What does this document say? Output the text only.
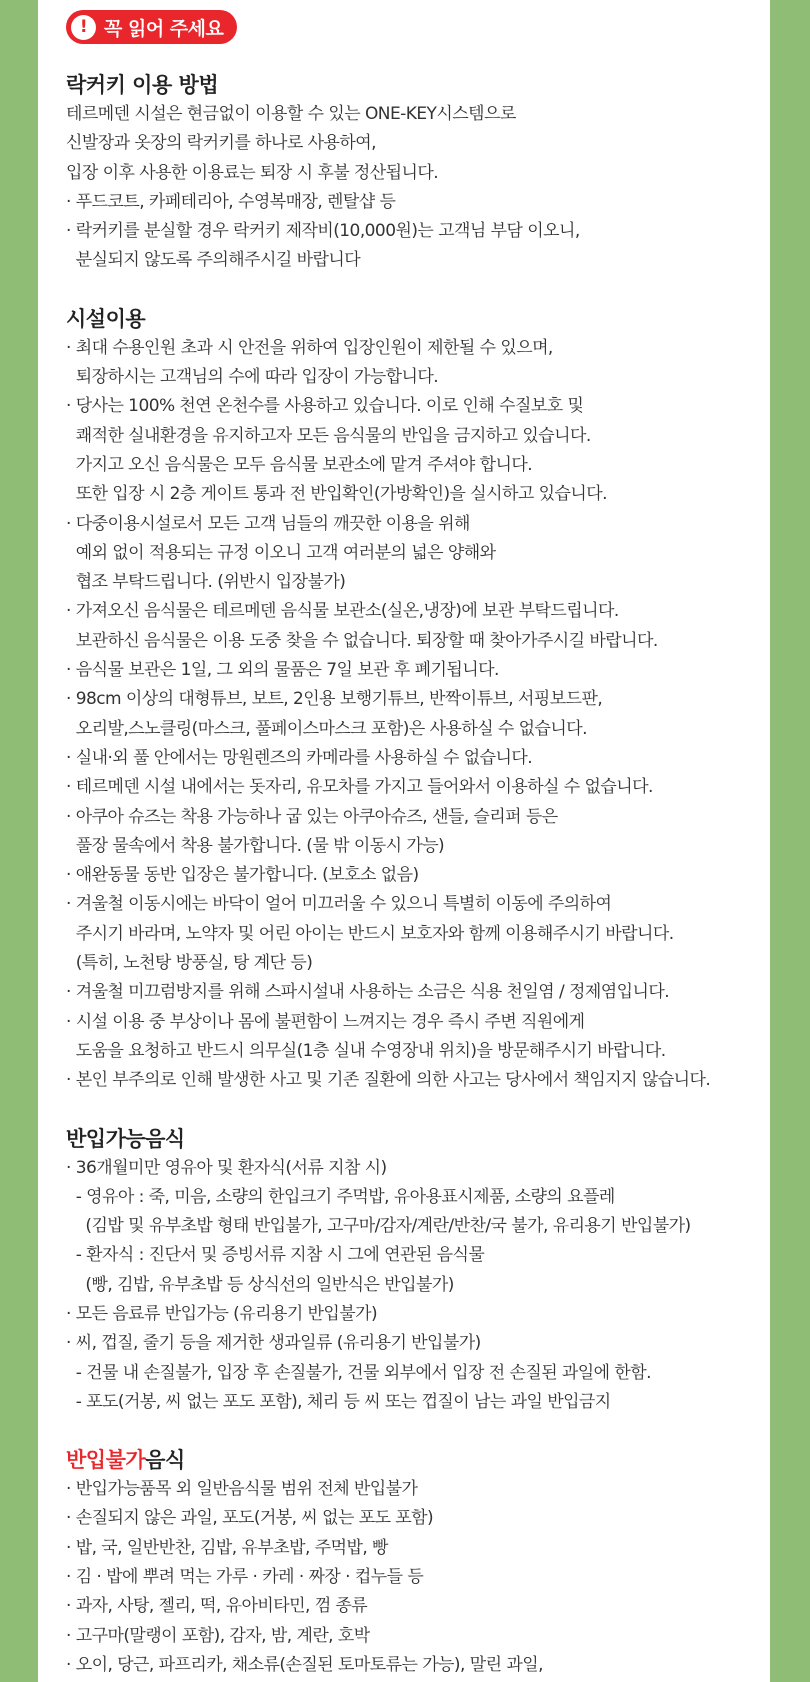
! 꼭 읽어 주세요
락커키 이용 방법
테르메덴 시설은 현금없이 이용할 수 있는 ONE-KEY시스템으로
신발장과 옷장의 락커키를 하나로 사용하여,
입장 이후 사용한 이용료는 퇴장 시 후불 정산됩니다.
· 푸드코트, 카페테리아, 수영복매장, 렌탈샵 등
· 락커키를 분실할 경우 락커키 제작비(10,000원)는 고객님 부담 이오니,
분실되지 않도록 주의해주시길 바랍니다
시설이용
· 최대 수용인원 초과 시 안전을 위하여 입장인원이 제한될 수 있으며,
퇴장하시는 고객님의 수에 따라 입장이 가능합니다.
· 당사는 100% 천연 온천수를 사용하고 있습니다. 이로 인해 수질보호 및
쾌적한 실내환경을 유지하고자 모든 음식물의 반입을 금지하고 있습니다.
가지고 오신 음식물은 모두 음식물 보관소에 맡겨 주셔야 합니다.
또한 입장 시 2층 게이트 통과 전 반입확인(가방확인)을 실시하고 있습니다.
· 다중이용시설로서 모든 고객 님들의 깨끗한 이용을 위해
예외 없이 적용되는 규정 이오니 고객 여러분의 넓은 양해와
협조 부탁드립니다. (위반시 입장불가)
· 가져오신 음식물은 테르메덴 음식물 보관소(실온,냉장)에 보관 부탁드립니다.
보관하신 음식물은 이용 도중 찾을 수 없습니다. 퇴장할 때 찾아가주시길 바랍니다.
· 음식물 보관은 1일, 그 외의 물품은 7일 보관 후 폐기됩니다.
· 98cm 이상의 대형튜브, 보트, 2인용 보행기튜브, 반짝이튜브, 서핑보드판,
오리발,스노클링(마스크, 풀페이스마스크 포함)은 사용하실 수 없습니다.
· 실내·외 풀 안에서는 망원렌즈의 카메라를 사용하실 수 없습니다.
· 테르메덴 시설 내에서는 돗자리, 유모차를 가지고 들어와서 이용하실 수 없습니다.
· 아쿠아 슈즈는 착용 가능하나 굽 있는 아쿠아슈즈, 샌들, 슬리퍼 등은
풀장 물속에서 착용 불가합니다. (물 밖 이동시 가능)
· 애완동물 동반 입장은 불가합니다. (보호소 없음)
· 겨울철 이동시에는 바닥이 얼어 미끄러울 수 있으니 특별히 이동에 주의하여
주시기 바라며, 노약자 및 어린 아이는 반드시 보호자와 함께 이용해주시기 바랍니다.
(특히, 노천탕 방풍실, 탕 계단 등)
· 겨울철 미끄럼방지를 위해 스파시설내 사용하는 소금은 식용 천일염 / 정제염입니다.
· 시설 이용 중 부상이나 몸에 불편함이 느껴지는 경우 즉시 주변 직원에게
도움을 요청하고 반드시 의무실(1층 실내 수영장내 위치)을 방문해주시기 바랍니다.
· 본인 부주의로 인해 발생한 사고 및 기존 질환에 의한 사고는 당사에서 책임지지 않습니다.
반입가능음식
· 36개월미만 영유아 및 환자식(서류 지참 시)
- 영유아 : 죽, 미음, 소량의 한입크기 주먹밥, 유아용표시제품, 소량의 요플레
(김밥 및 유부초밥 형태 반입불가, 고구마/감자/계란/반찬/국 불가, 유리용기 반입불가)
- 환자식 : 진단서 및 증빙서류 지참 시 그에 연관된 음식물
(빵, 김밥, 유부초밥 등 상식선의 일반식은 반입불가)
· 모든 음료류 반입가능 (유리용기 반입불가)
· 씨, 껍질, 줄기 등을 제거한 생과일류 (유리용기 반입불가)
- 건물 내 손질불가, 입장 후 손질불가, 건물 외부에서 입장 전 손질된 과일에 한함.
- 포도(거봉, 씨 없는 포도 포함), 체리 등 씨 또는 껍질이 남는 과일 반입금지
반입불가음식
· 반입가능품목 외 일반음식물 범위 전체 반입불가
· 손질되지 않은 과일, 포도(거봉, 씨 없는 포도 포함)
· 밥, 국, 일반반찬, 김밥, 유부초밥, 주먹밥, 빵
· 김 · 밥에 뿌려 먹는 가루 · 카레 · 짜장 · 컵누들 등
· 과자, 사탕, 젤리, 떡, 유아비타민, 껌 종류
· 고구마(말랭이 포함), 감자, 밤, 계란, 호박
· 오이, 당근, 파프리카, 채소류(손질된 토마토류는 가능), 말린 과일,
